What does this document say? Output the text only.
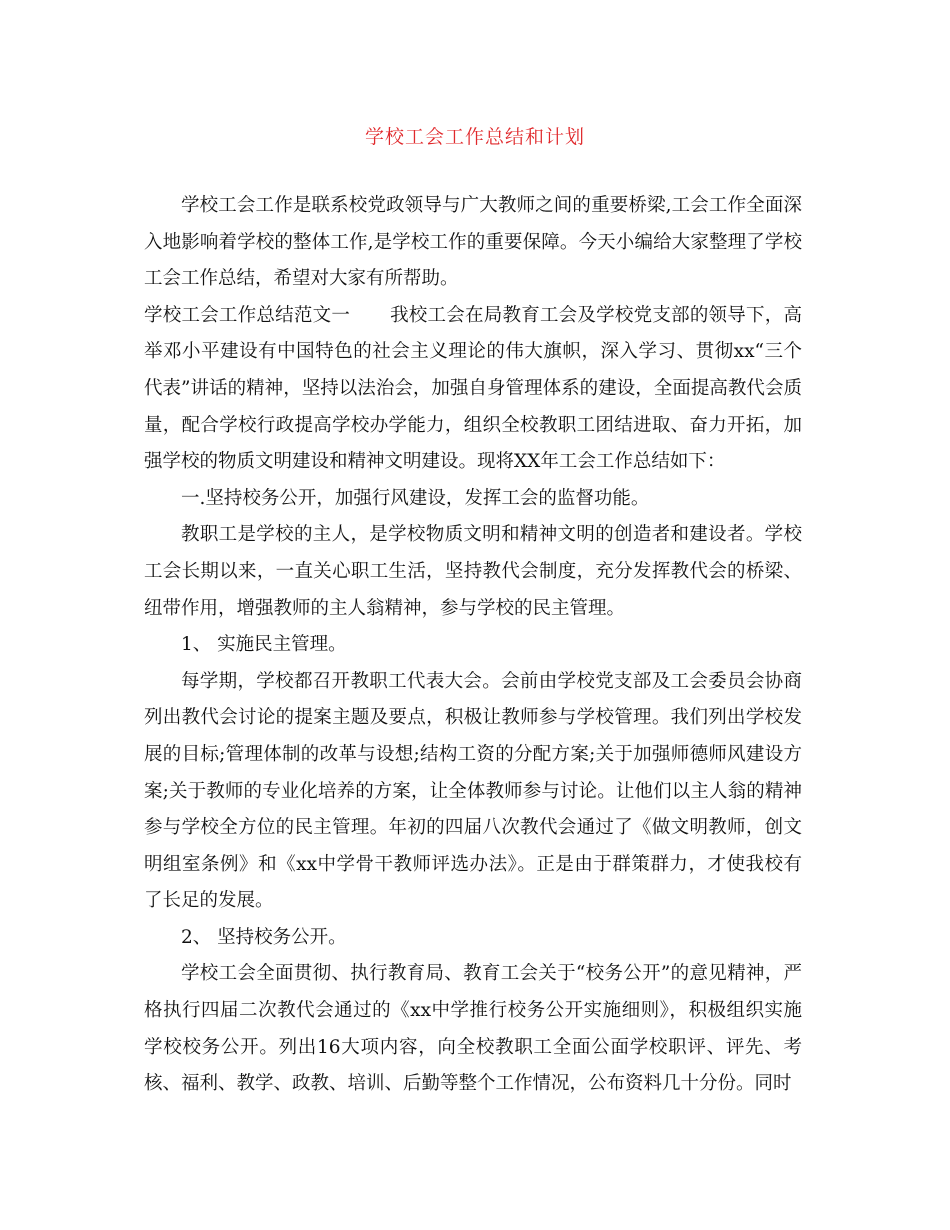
学校工会工作总结和计划

学校工会工作是联系校党政领导与广大教师之间的重要桥梁,工会工作全面深入地影响着学校的整体工作,是学校工作的重要保障。今天小编给大家整理了学校工会工作总结，希望对大家有所帮助。

学校工会工作总结范文一 我校工会在局教育工会及学校党支部的领导下，高举邓小平建设有中国特色的社会主义理论的伟大旗帜，深入学习、贯彻xx“三个代表”讲话的精神，坚持以法治会，加强自身管理体系的建设，全面提高教代会质量，配合学校行政提高学校办学能力，组织全校教职工团结进取、奋力开拓，加强学校的物质文明建设和精神文明建设。现将XX年工会工作总结如下：

一.坚持校务公开，加强行风建设，发挥工会的监督功能。

教职工是学校的主人，是学校物质文明和精神文明的创造者和建设者。学校工会长期以来，一直关心职工生活，坚持教代会制度，充分发挥教代会的桥梁、纽带作用，增强教师的主人翁精神，参与学校的民主管理。

1、 实施民主管理。

每学期，学校都召开教职工代表大会。会前由学校党支部及工会委员会协商列出教代会讨论的提案主题及要点，积极让教师参与学校管理。我们列出学校发展的目标;管理体制的改革与设想;结构工资的分配方案;关于加强师德师风建设方案;关于教师的专业化培养的方案，让全体教师参与讨论。让他们以主人翁的精神参与学校全方位的民主管理。年初的四届八次教代会通过了《做文明教师，创文明组室条例》和《xx中学骨干教师评选办法》。正是由于群策群力，才使我校有了长足的发展。

2、 坚持校务公开。

学校工会全面贯彻、执行教育局、教育工会关于“校务公开”的意见精神，严格执行四届二次教代会通过的《xx中学推行校务公开实施细则》，积极组织实施学校校务公开。列出16大项内容，向全校教职工全面公面学校职评、评先、考核、福利、教学、政教、培训、后勤等整个工作情况，公布资料几十分份。同时
